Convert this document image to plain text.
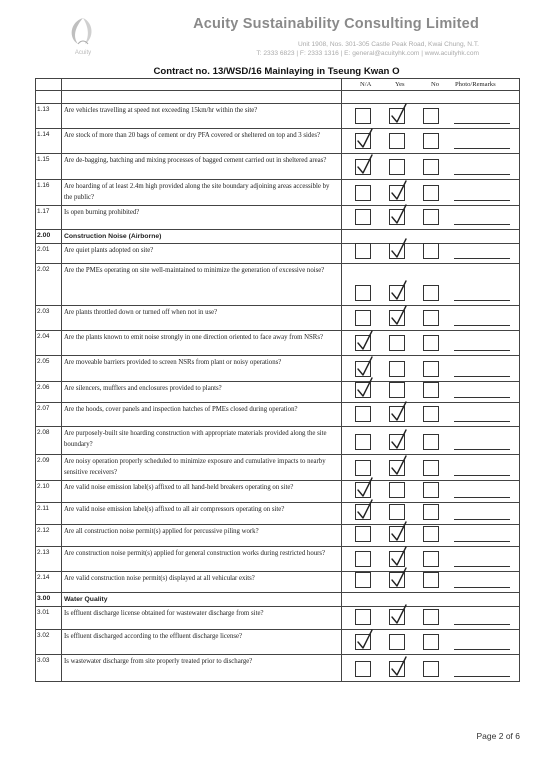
Acuity
Acuity Sustainability Consulting Limited
Unit 1908, Nos. 301-305 Castle Peak Road, Kwai Chung, N.T.
T: 2333 6823 | F: 2333 1316 | E: general@acuityhk.com | www.acuityhk.com
Contract no. 13/WSD/16 Mainlaying in Tseung Kwan O

		N/A Yes No Photo/Remarks

1.13	Are vehicles travelling at speed not exceeding 15km/hr within the site?	

1.14	Are stock of more than 20 bags of cement or dry PFA covered or sheltered on top and 3 sides?	

1.15	Are de-bagging, batching and mixing processes of bagged cement carried out in sheltered areas?	

1.16	Are hoarding of at least 2.4m high provided along the site boundary adjoining areas accessible by the public?	

1.17	Is open burning prohibited?	

2.00	Construction Noise (Airborne)	
2.01	Are quiet plants adopted on site?	

2.02	Are the PMEs operating on site well-maintained to minimize the generation of excessive noise?	

2.03	Are plants throttled down or turned off when not in use?	

2.04	Are the plants known to emit noise strongly in one direction oriented to face away from NSRs?	

2.05	Are moveable barriers provided to screen NSRs from plant or noisy operations?	

2.06	Are silencers, mufflers and enclosures provided to plants?	

2.07	Are the hoods, cover panels and inspection hatches of PMEs closed during operation?	

2.08	Are purposely-built site hoarding construction with appropriate materials provided along the site boundary?	

2.09	Are noisy operation properly scheduled to minimize exposure and cumulative impacts to nearby sensitive receivers?	

2.10	Are valid noise emission label(s) affixed to all hand-held breakers operating on site?	

2.11	Are valid noise emission label(s) affixed to all air compressors operating on site?	

2.12	Are all construction noise permit(s) applied for percussive piling work?	

2.13	Are construction noise permit(s) applied for general construction works during restricted hours?	

2.14	Are valid construction noise permit(s) displayed at all vehicular exits?	

3.00	Water Quality	
3.01	Is effluent discharge license obtained for wastewater discharge from site?	

3.02	Is effluent discharged according to the effluent discharge license?	

3.03	Is wastewater discharge from site properly treated prior to discharge?	
Page 2 of 6
